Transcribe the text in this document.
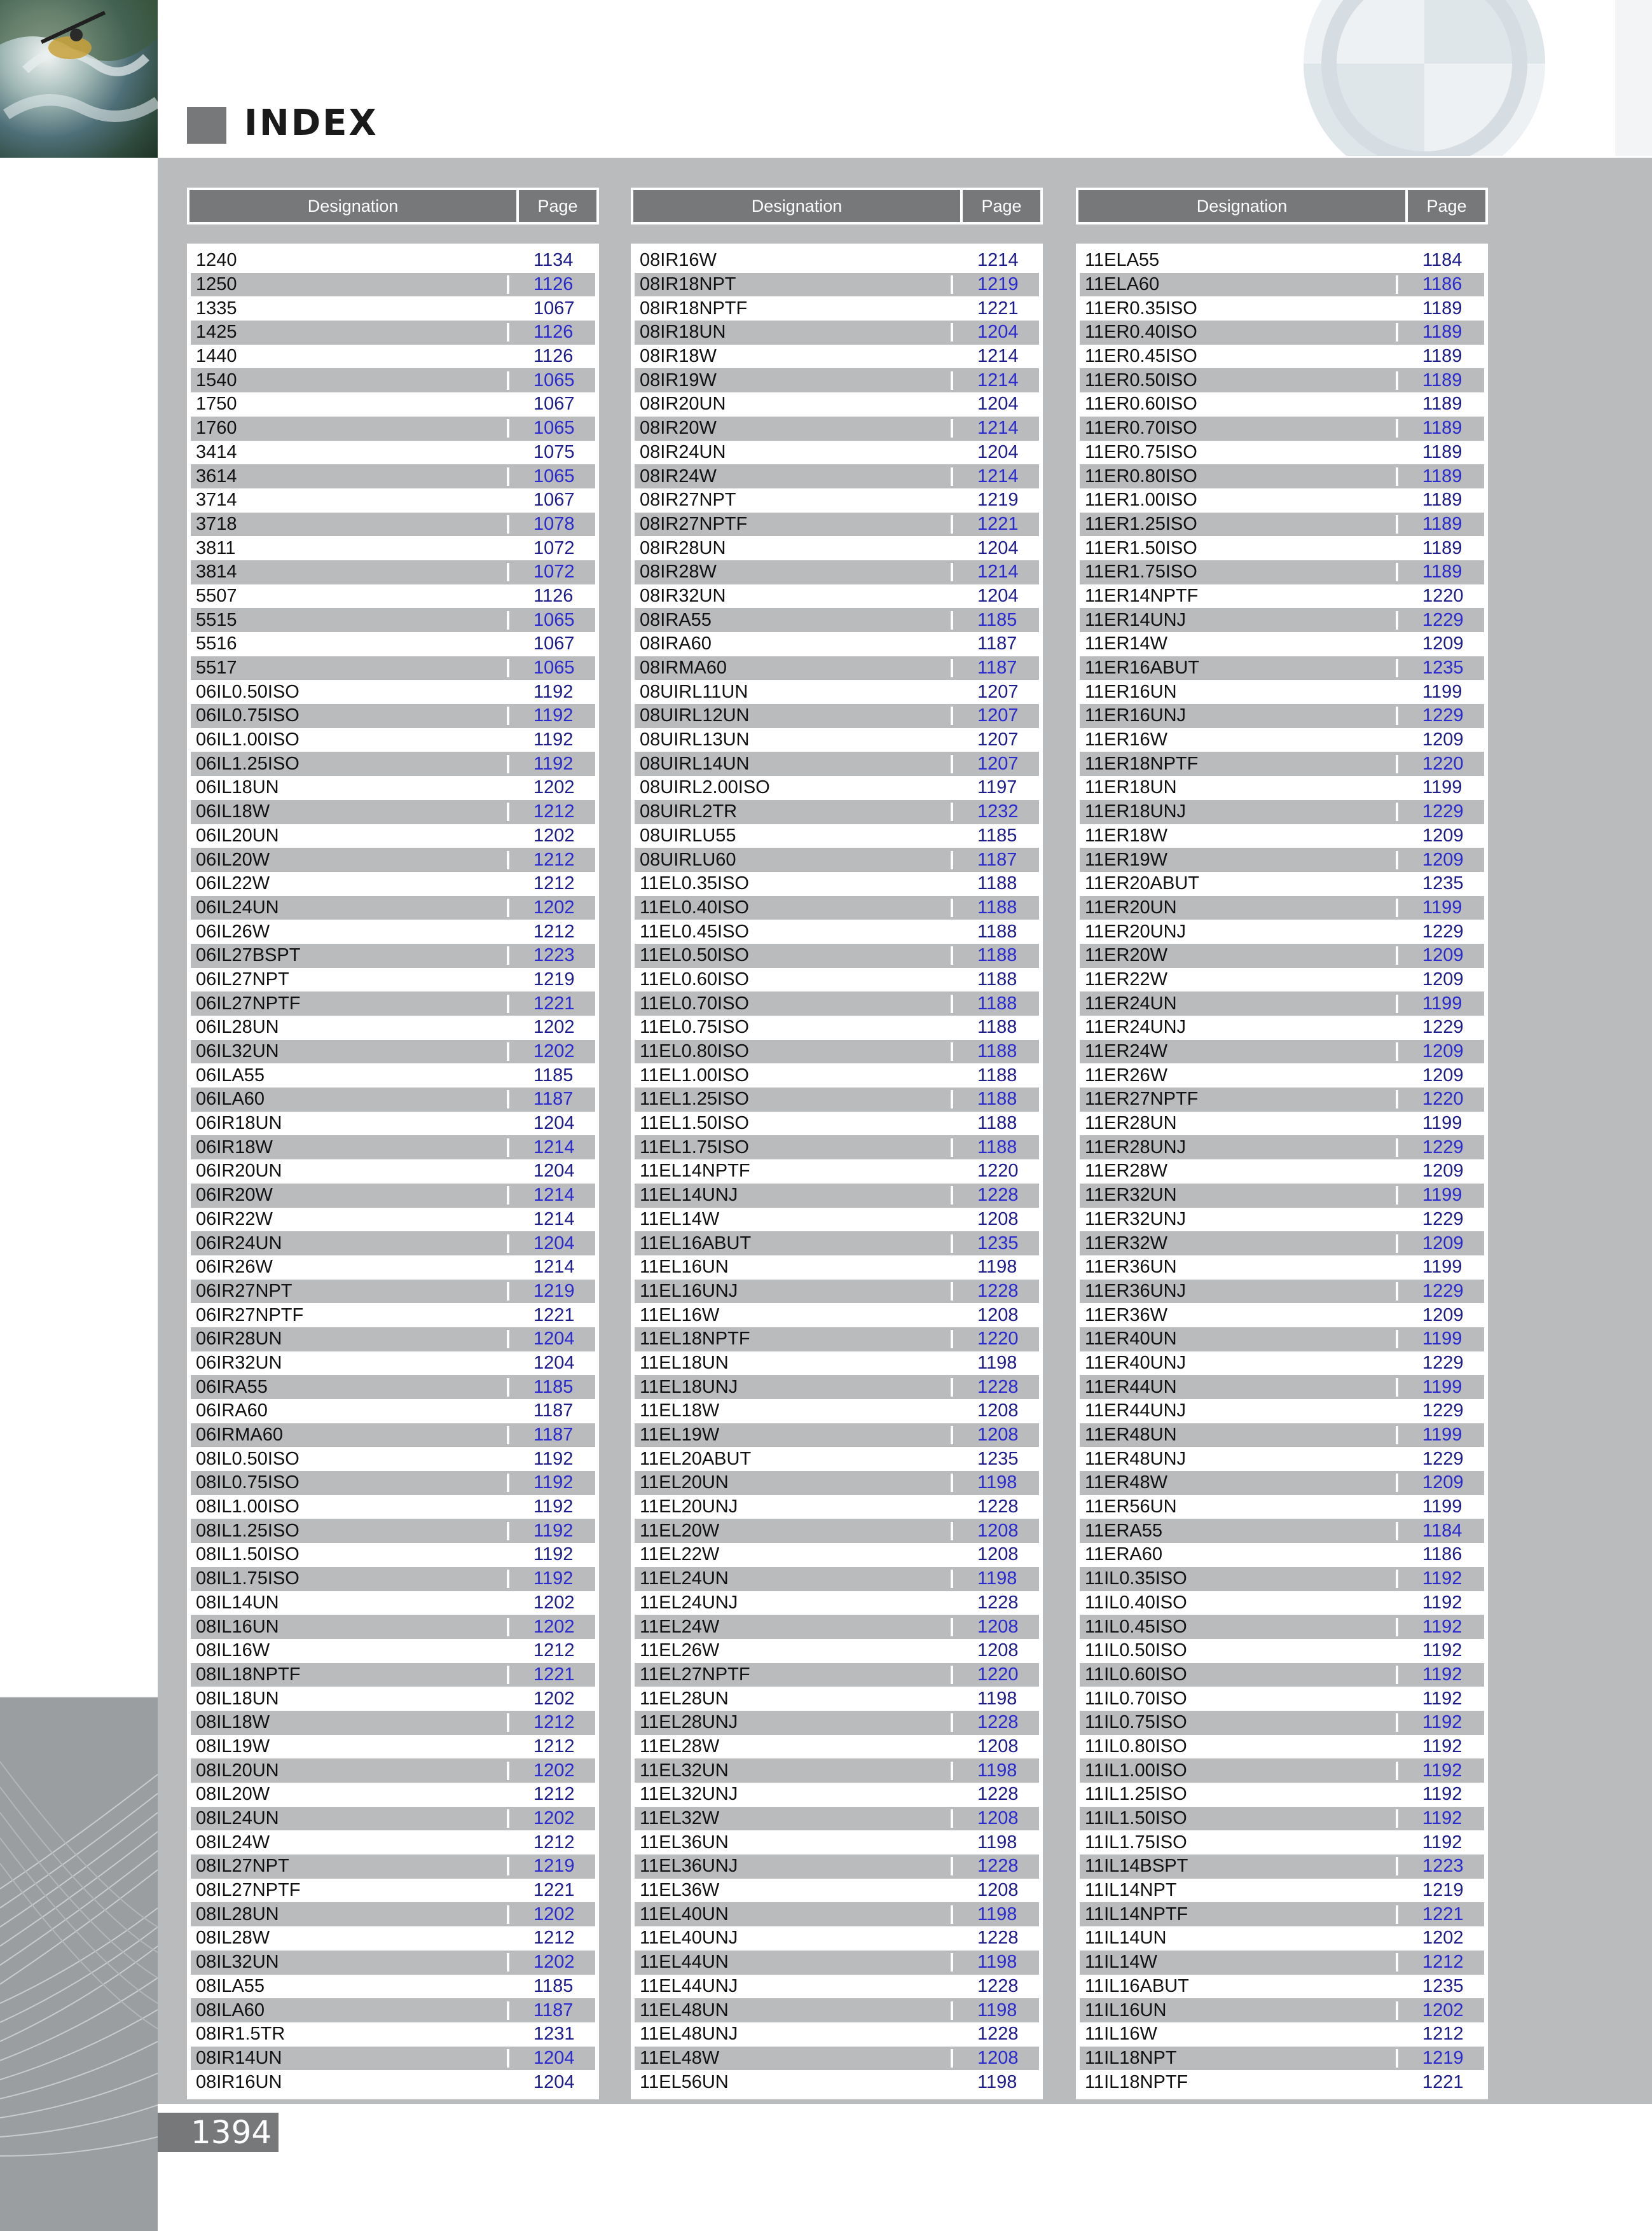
INDEX
1394
Designation	Page
1240	1134
1250	1126
1335	1067
1425	1126
1440	1126
1540	1065
1750	1067
1760	1065
3414	1075
3614	1065
3714	1067
3718	1078
3811	1072
3814	1072
5507	1126
5515	1065
5516	1067
5517	1065
06IL0.50ISO	1192
06IL0.75ISO	1192
06IL1.00ISO	1192
06IL1.25ISO	1192
06IL18UN	1202
06IL18W	1212
06IL20UN	1202
06IL20W	1212
06IL22W	1212
06IL24UN	1202
06IL26W	1212
06IL27BSPT	1223
06IL27NPT	1219
06IL27NPTF	1221
06IL28UN	1202
06IL32UN	1202
06ILA55	1185
06ILA60	1187
06IR18UN	1204
06IR18W	1214
06IR20UN	1204
06IR20W	1214
06IR22W	1214
06IR24UN	1204
06IR26W	1214
06IR27NPT	1219
06IR27NPTF	1221
06IR28UN	1204
06IR32UN	1204
06IRA55	1185
06IRA60	1187
06IRMA60	1187
08IL0.50ISO	1192
08IL0.75ISO	1192
08IL1.00ISO	1192
08IL1.25ISO	1192
08IL1.50ISO	1192
08IL1.75ISO	1192
08IL14UN	1202
08IL16UN	1202
08IL16W	1212
08IL18NPTF	1221
08IL18UN	1202
08IL18W	1212
08IL19W	1212
08IL20UN	1202
08IL20W	1212
08IL24UN	1202
08IL24W	1212
08IL27NPT	1219
08IL27NPTF	1221
08IL28UN	1202
08IL28W	1212
08IL32UN	1202
08ILA55	1185
08ILA60	1187
08IR1.5TR	1231
08IR14UN	1204
08IR16UN	1204
Designation	Page
08IR16W	1214
08IR18NPT	1219
08IR18NPTF	1221
08IR18UN	1204
08IR18W	1214
08IR19W	1214
08IR20UN	1204
08IR20W	1214
08IR24UN	1204
08IR24W	1214
08IR27NPT	1219
08IR27NPTF	1221
08IR28UN	1204
08IR28W	1214
08IR32UN	1204
08IRA55	1185
08IRA60	1187
08IRMA60	1187
08UIRL11UN	1207
08UIRL12UN	1207
08UIRL13UN	1207
08UIRL14UN	1207
08UIRL2.00ISO	1197
08UIRL2TR	1232
08UIRLU55	1185
08UIRLU60	1187
11EL0.35ISO	1188
11EL0.40ISO	1188
11EL0.45ISO	1188
11EL0.50ISO	1188
11EL0.60ISO	1188
11EL0.70ISO	1188
11EL0.75ISO	1188
11EL0.80ISO	1188
11EL1.00ISO	1188
11EL1.25ISO	1188
11EL1.50ISO	1188
11EL1.75ISO	1188
11EL14NPTF	1220
11EL14UNJ	1228
11EL14W	1208
11EL16ABUT	1235
11EL16UN	1198
11EL16UNJ	1228
11EL16W	1208
11EL18NPTF	1220
11EL18UN	1198
11EL18UNJ	1228
11EL18W	1208
11EL19W	1208
11EL20ABUT	1235
11EL20UN	1198
11EL20UNJ	1228
11EL20W	1208
11EL22W	1208
11EL24UN	1198
11EL24UNJ	1228
11EL24W	1208
11EL26W	1208
11EL27NPTF	1220
11EL28UN	1198
11EL28UNJ	1228
11EL28W	1208
11EL32UN	1198
11EL32UNJ	1228
11EL32W	1208
11EL36UN	1198
11EL36UNJ	1228
11EL36W	1208
11EL40UN	1198
11EL40UNJ	1228
11EL44UN	1198
11EL44UNJ	1228
11EL48UN	1198
11EL48UNJ	1228
11EL48W	1208
11EL56UN	1198
Designation	Page
11ELA55	1184
11ELA60	1186
11ER0.35ISO	1189
11ER0.40ISO	1189
11ER0.45ISO	1189
11ER0.50ISO	1189
11ER0.60ISO	1189
11ER0.70ISO	1189
11ER0.75ISO	1189
11ER0.80ISO	1189
11ER1.00ISO	1189
11ER1.25ISO	1189
11ER1.50ISO	1189
11ER1.75ISO	1189
11ER14NPTF	1220
11ER14UNJ	1229
11ER14W	1209
11ER16ABUT	1235
11ER16UN	1199
11ER16UNJ	1229
11ER16W	1209
11ER18NPTF	1220
11ER18UN	1199
11ER18UNJ	1229
11ER18W	1209
11ER19W	1209
11ER20ABUT	1235
11ER20UN	1199
11ER20UNJ	1229
11ER20W	1209
11ER22W	1209
11ER24UN	1199
11ER24UNJ	1229
11ER24W	1209
11ER26W	1209
11ER27NPTF	1220
11ER28UN	1199
11ER28UNJ	1229
11ER28W	1209
11ER32UN	1199
11ER32UNJ	1229
11ER32W	1209
11ER36UN	1199
11ER36UNJ	1229
11ER36W	1209
11ER40UN	1199
11ER40UNJ	1229
11ER44UN	1199
11ER44UNJ	1229
11ER48UN	1199
11ER48UNJ	1229
11ER48W	1209
11ER56UN	1199
11ERA55	1184
11ERA60	1186
11IL0.35ISO	1192
11IL0.40ISO	1192
11IL0.45ISO	1192
11IL0.50ISO	1192
11IL0.60ISO	1192
11IL0.70ISO	1192
11IL0.75ISO	1192
11IL0.80ISO	1192
11IL1.00ISO	1192
11IL1.25ISO	1192
11IL1.50ISO	1192
11IL1.75ISO	1192
11IL14BSPT	1223
11IL14NPT	1219
11IL14NPTF	1221
11IL14UN	1202
11IL14W	1212
11IL16ABUT	1235
11IL16UN	1202
11IL16W	1212
11IL18NPT	1219
11IL18NPTF	1221
